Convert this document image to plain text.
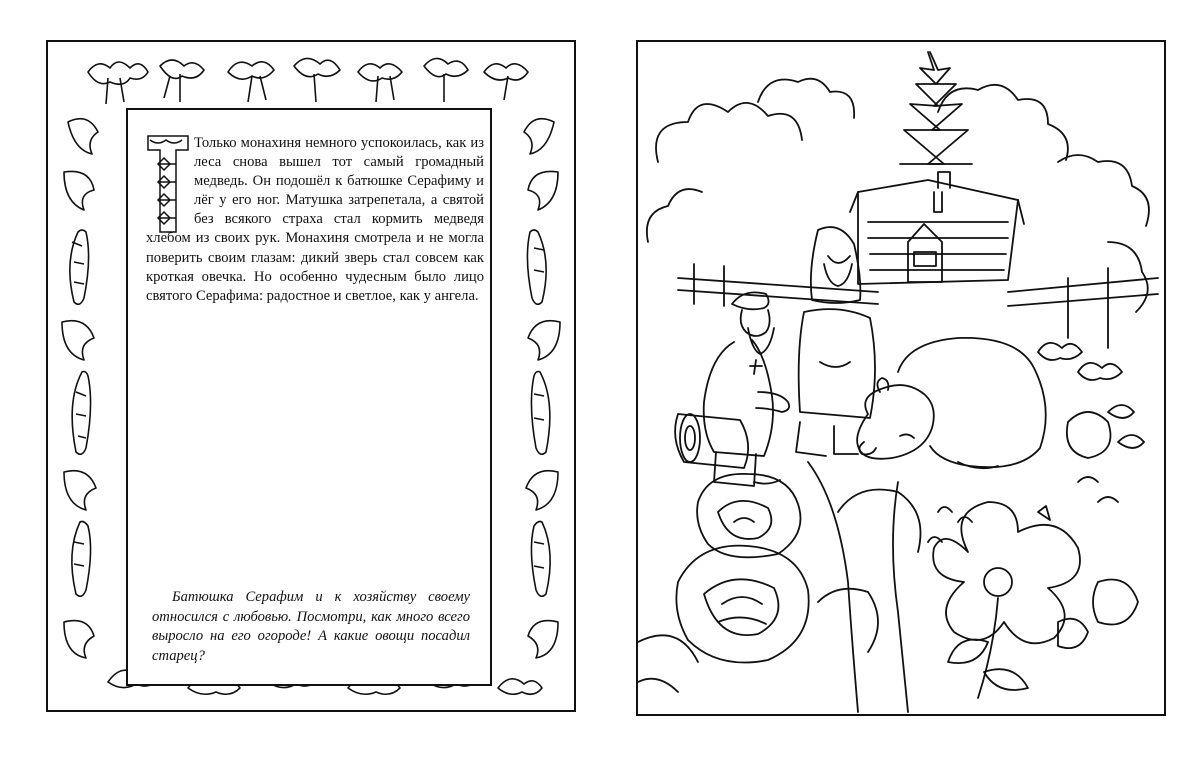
Только монахиня немного успокоилась, как из леса снова вышел тот самый громадный медведь. Он подошёл к батюшке Серафиму и лёг у его ног. Матушка затрепетала, а святой без всякого страха стал кормить медведя хлебом из своих рук. Монахиня смотрела и не могла поверить своим глазам: дикий зверь стал совсем как кроткая овечка. Но особенно чудесным было лицо святого Серафима: радостное и светлое, как у ангела.

Батюшка Серафим и к хозяйству своему относился с любовью. Посмотри, как много всего выросло на его огороде! А какие овощи посадил старец?
